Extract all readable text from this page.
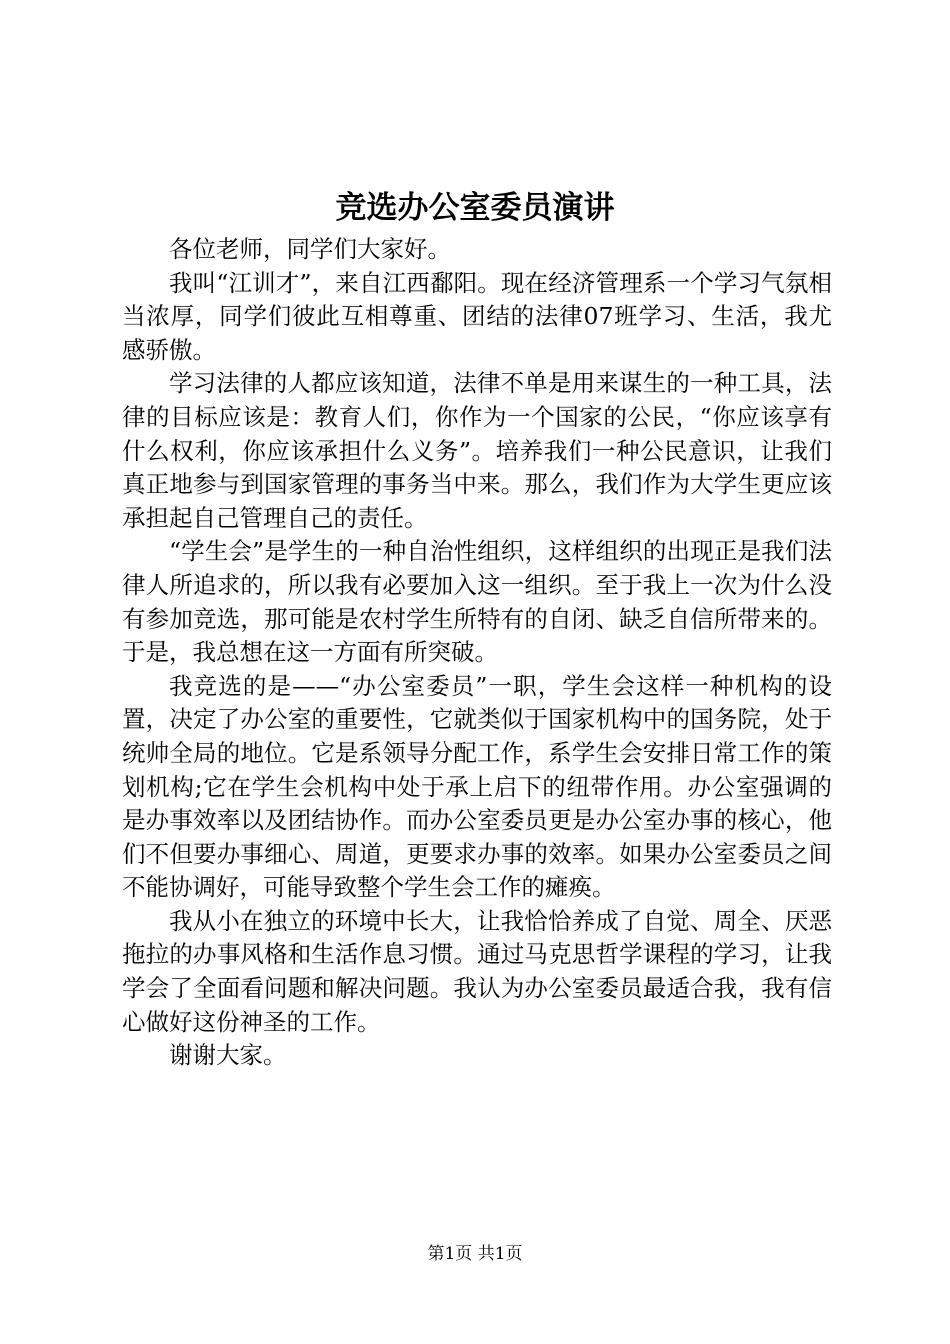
竞选办公室委员演讲

各位老师，同学们大家好。

我叫“江训才”，来自江西鄱阳。现在经济管理系一个学习气氛相当浓厚，同学们彼此互相尊重、团结的法律07班学习、生活，我尤感骄傲。

学习法律的人都应该知道，法律不单是用来谋生的一种工具，法律的目标应该是：教育人们，你作为一个国家的公民，“你应该享有什么权利，你应该承担什么义务”。培养我们一种公民意识，让我们真正地参与到国家管理的事务当中来。那么，我们作为大学生更应该承担起自己管理自己的责任。

“学生会”是学生的一种自治性组织，这样组织的出现正是我们法律人所追求的，所以我有必要加入这一组织。至于我上一次为什么没有参加竞选，那可能是农村学生所特有的自闭、缺乏自信所带来的。于是，我总想在这一方面有所突破。

我竞选的是——“办公室委员”一职，学生会这样一种机构的设置，决定了办公室的重要性，它就类似于国家机构中的国务院，处于统帅全局的地位。它是系领导分配工作，系学生会安排日常工作的策划机构;它在学生会机构中处于承上启下的纽带作用。办公室强调的是办事效率以及团结协作。而办公室委员更是办公室办事的核心，他们不但要办事细心、周道，更要求办事的效率。如果办公室委员之间不能协调好，可能导致整个学生会工作的瘫痪。

我从小在独立的环境中长大，让我恰恰养成了自觉、周全、厌恶拖拉的办事风格和生活作息习惯。通过马克思哲学课程的学习，让我学会了全面看问题和解决问题。我认为办公室委员最适合我，我有信心做好这份神圣的工作。

谢谢大家。

第1页 共1页
